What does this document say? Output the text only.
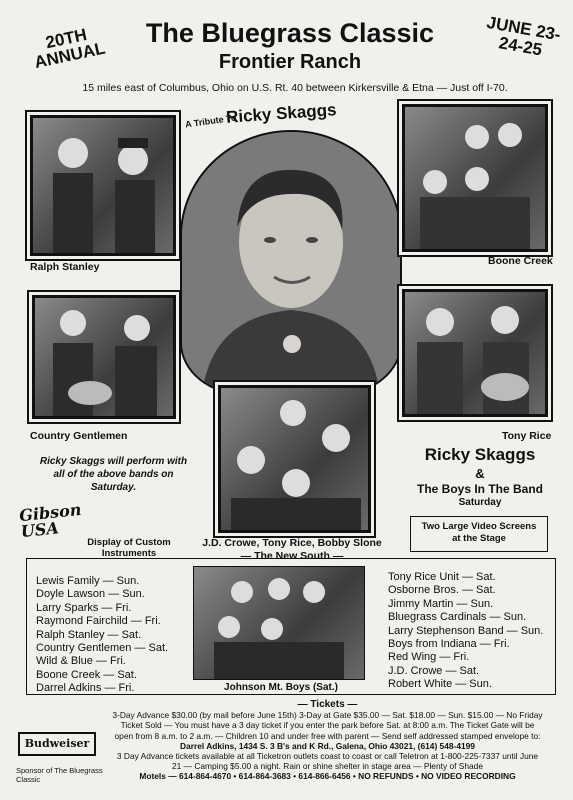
20TH ANNUAL
The Bluegrass Classic
Frontier Ranch
JUNE 23-24-25
15 miles east of Columbus, Ohio on U.S. Rt. 40 between Kirkersville & Etna — Just off I-70.
A Tribute To
Ricky Skaggs
Ralph Stanley	Boone Creek
Country Gentlemen	Tony Rice
J.D. Crowe, Tony Rice, Bobby Slone
— The New South —
Ricky Skaggs will perform with all of the above bands on Saturday.
Gibson USA
Display of Custom Instruments
Ricky Skaggs
&
The Boys In The Band
Saturday
Two Large Video Screens at the Stage
Lewis Family — Sun.
Doyle Lawson — Sun.
Larry Sparks — Fri.
Raymond Fairchild — Fri.
Ralph Stanley — Sat.
Country Gentlemen — Sat.
Wild & Blue — Fri.
Boone Creek — Sat.
Darrel Adkins — Fri.
Tony Rice Unit — Sat.
Osborne Bros. — Sat.
Jimmy Martin — Sun.
Bluegrass Cardinals — Sun.
Larry Stephenson Band — Sun.
Boys from Indiana — Fri.
Red Wing — Fri.
J.D. Crowe — Sat.
Robert White — Sun.
Johnson Mt. Boys (Sat.)
— Tickets —
3-Day Advance $30.00 (by mail before June 15th) 3-Day at Gate $35.00 — Sat. $18.00 — Sun. $15.00 — No Friday
Ticket Sold — You must have a 3 day ticket if you enter the park before Sat. at 8:00 a.m. The Ticket Gate will be
open from 8 a.m. to 2 a.m. — Children 10 and under free with parent — Send self addressed stamped envelope to:
Darrel Adkins, 1434 S. 3 B's and K Rd., Galena, Ohio 43021, (614) 548-4199
3 Day Advance tickets available at all Ticketron outlets coast to coast or call Teletron at 1-800-225-7337 until June
21 — Camping $5.00 a night. Rain or shine shelter in stage area — Plenty of Shade
Motels — 614-864-4670 • 614-864-3683 • 614-866-6456 • NO REFUNDS • NO VIDEO RECORDING
Budweiser
Sponsor of The Bluegrass Classic
